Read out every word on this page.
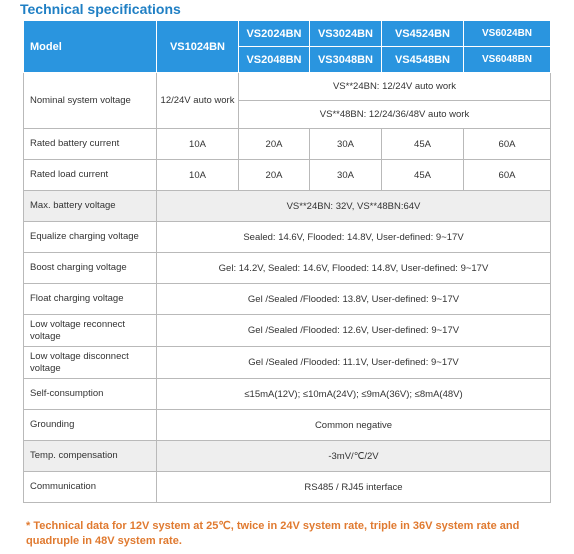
Technical specifications
Model	VS1024BN	VS2024BN	VS3024BN	VS4524BN	VS6024BN
		VS2048BN	VS3048BN	VS4548BN	VS6048BN
Nominal system voltage	12/24V auto work	VS**24BN: 12/24V auto work			
		VS**48BN: 12/24/36/48V auto work			
Rated battery current	10A	20A	30A	45A	60A
Rated load current	10A	20A	30A	45A	60A
Max. battery voltage	VS**24BN: 32V, VS**48BN:64V				
Equalize charging voltage	Sealed: 14.6V, Flooded: 14.8V, User-defined: 9~17V				
Boost charging voltage	Gel: 14.2V, Sealed: 14.6V, Flooded: 14.8V, User-defined: 9~17V				
Float charging voltage	Gel /Sealed /Flooded: 13.8V, User-defined: 9~17V				
Low voltage reconnect voltage	Gel /Sealed /Flooded: 12.6V, User-defined: 9~17V				
Low voltage disconnect voltage	Gel /Sealed /Flooded: 11.1V, User-defined: 9~17V				
Self-consumption	≤15mA(12V); ≤10mA(24V); ≤9mA(36V); ≤8mA(48V)				
Grounding	Common negative				
Temp. compensation	-3mV/℃/2V				
Communication	RS485 / RJ45 interface				
* Technical data for 12V system at 25℃, twice in 24V system rate, triple in 36V system rate and quadruple in 48V system rate.
